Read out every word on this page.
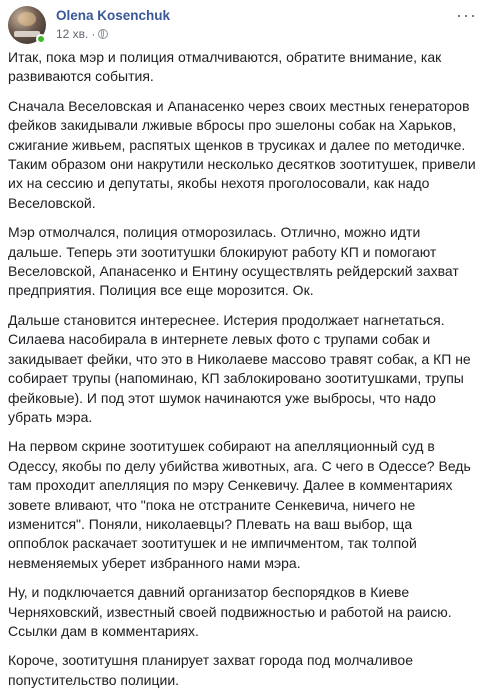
Olena Kosenchuk
12 хв. ·
···

Итак, пока мэр и полиция отмалчиваются, обратите внимание, как развиваются события.

Сначала Веселовская и Апанасенко через своих местных генераторов фейков закидывали лживые вбросы про эшелоны собак на Харьков, сжигание живьем, распятых щенков в трусиках и далее по методичке. Таким образом они накрутили несколько десятков зоотитушек, привели их на сессию и депутаты, якобы нехотя проголосовали, как надо Веселовской.

Мэр отмолчался, полиция отморозилась. Отлично, можно идти дальше. Теперь эти зоотитушки блокируют работу КП и помогают Веселовской, Апанасенко и Ентину осуществлять рейдерский захват предприятия. Полиция все еще морозится. Ок.

Дальше становится интереснее. Истерия продолжает нагнетаться. Силаева насобирала в интернете левых фото с трупами собак и закидывает фейки, что это в Николаеве массово травят собак, а КП не собирает трупы (напоминаю, КП заблокировано зоотитушками, трупы фейковые). И под этот шумок начинаются уже выбросы, что надо убрать мэра.

На первом скрине зоотитушек собирают на апелляционный суд в Одессу, якобы по делу убийства животных, ага. С чего в Одессе? Ведь там проходит апелляция по мэру Сенкевичу. Далее в комментариях зовете вливают, что "пока не отстраните Сенкевича, ничего не изменится". Поняли, николаевцы? Плевать на ваш выбор, ща оппоблок раскачает зоотитушек и не импичментом, так толпой невменяемых уберет избранного нами мэра.

Ну, и подключается давний организатор беспорядков в Киеве Черняховский, известный своей подвижностью и работой на раисю. Ссылки дам в комментариях.

Короче, зоотитушня планирует захват города под молчаливое попустительство полиции.
